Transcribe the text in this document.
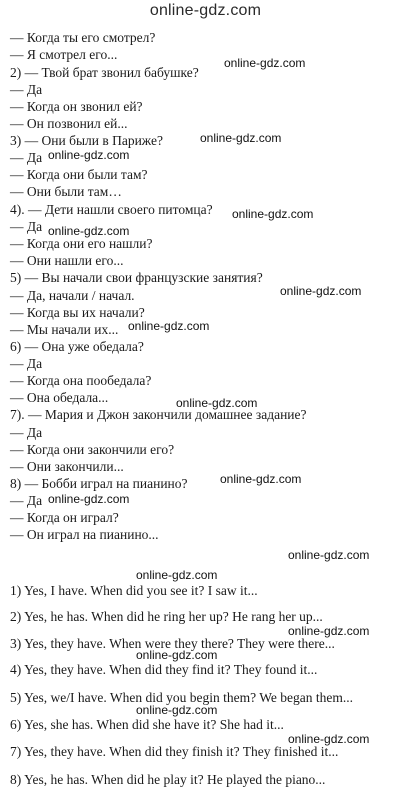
online-gdz.com
— Когда ты его смотрел?
— Я смотрел его...
2) — Твой брат звонил бабушке?
— Да
— Когда он звонил ей?
— Он позвонил ей...
3) — Они были в Париже?
— Да
— Когда они были там?
— Они были там…
4). — Дети нашли своего питомца?
— Да
— Когда они его нашли?
— Они нашли его...
5) — Вы начали свои французские занятия?
— Да, начали / начал.
— Когда вы их начали?
— Мы начали их...
6) — Она уже обедала?
— Да
— Когда она пообедала?
— Она обедала...
7). — Мария и Джон закончили домашнее задание?
— Да
— Когда они закончили его?
— Они закончили...
8) — Бобби играл на пианино?
— Да
— Когда он играл?
— Он играл на пианино...
1) Yes, I have. When did you see it? I saw it...
2) Yes, he has. When did he ring her up? He rang her up...
3) Yes, they have. When were they there? They were there...
4) Yes, they have. When did they find it? They found it...
5) Yes, we/I have. When did you begin them? We began them...
6) Yes, she has. When did she have it? She had it...
7) Yes, they have. When did they finish it? They finished it...
8) Yes, he has. When did he play it? He played the piano...
online-gdz.com
online-gdz.com
online-gdz.com
online-gdz.com
online-gdz.com
online-gdz.com
online-gdz.com
online-gdz.com
online-gdz.com
online-gdz.com
online-gdz.com
online-gdz.com
online-gdz.com
online-gdz.com
online-gdz.com
online-gdz.com
